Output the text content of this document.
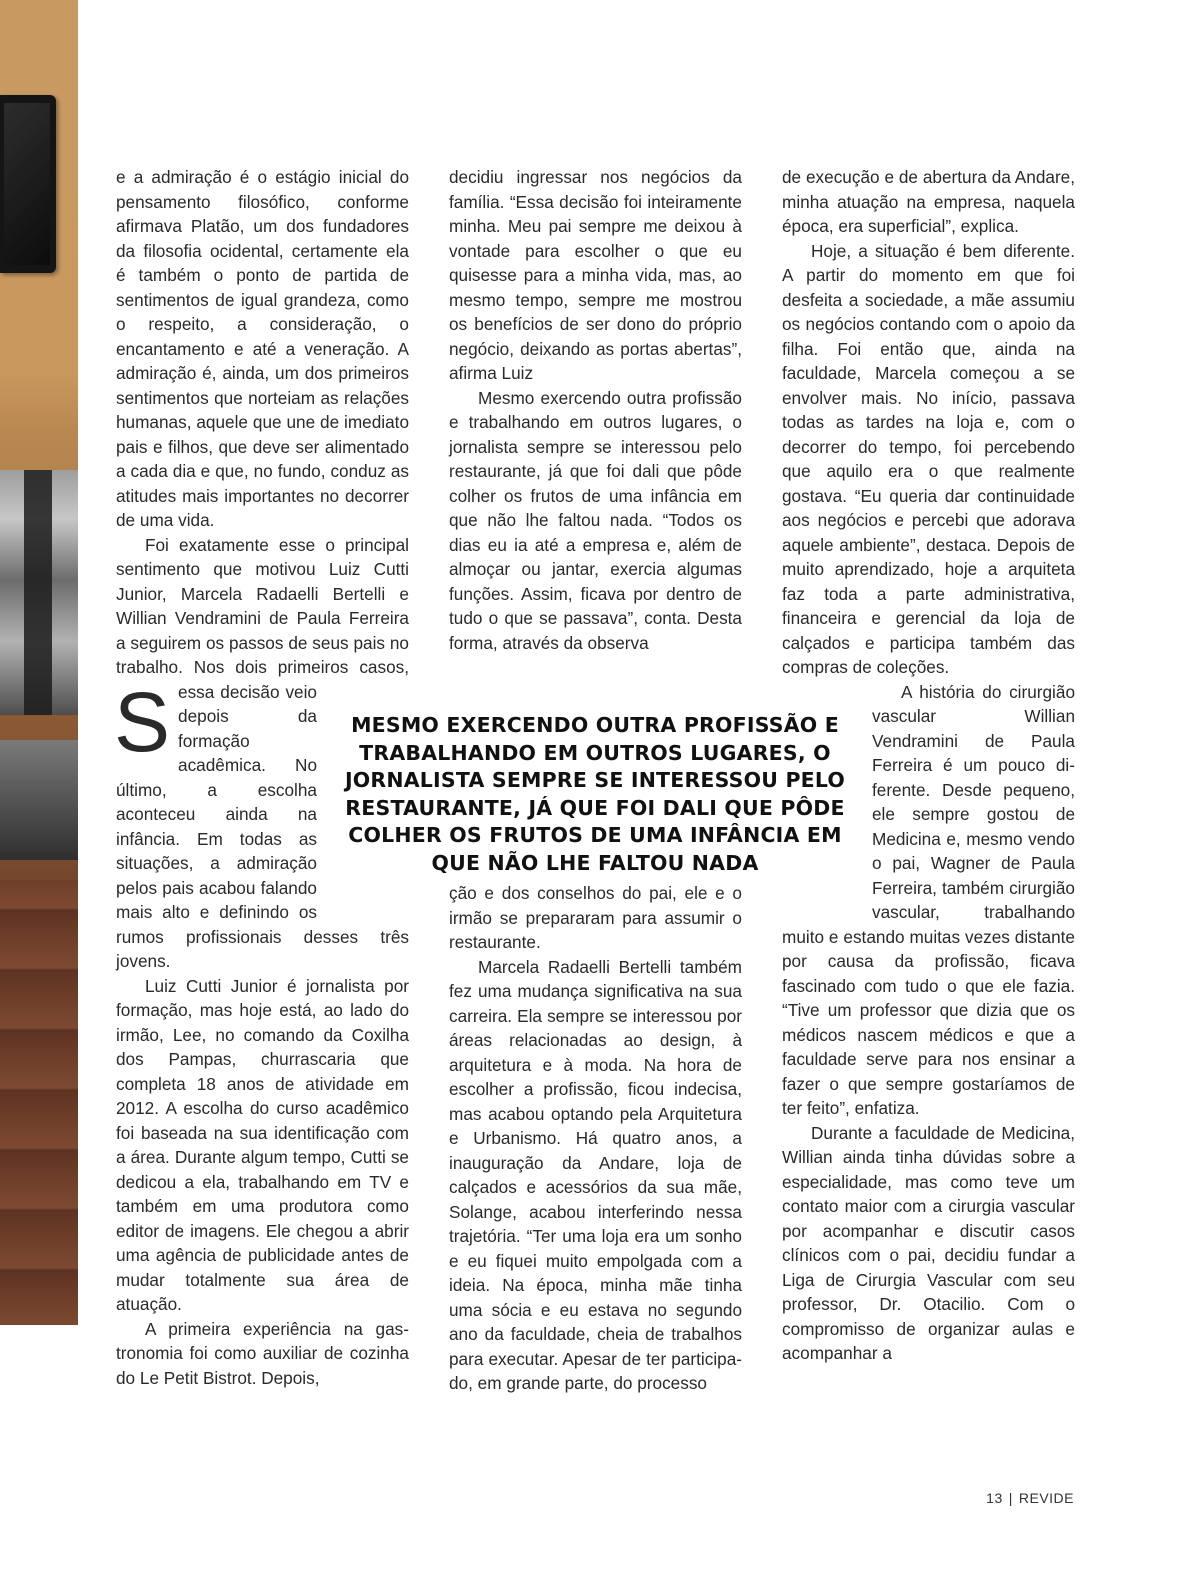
S
e a admiração é o estágio inicial do pensamento filosófico, conforme afirmava Platão, um dos fundadores da filosofia ocidental, certamente ela é também o ponto de partida de sentimentos de igual grandeza, como o respeito, a consideração, o encantamento e até a veneração. A admiração é, ainda, um dos primeiros sentimentos que norteiam as relações humanas, aquele que une de imediato pais e filhos, que deve ser alimentado a cada dia e que, no fundo, conduz as atitudes mais importantes no decorrer de uma vida.

Foi exatamente esse o principal sentimento que motivou Luiz Cutti Junior, Marcela Radaelli Bertelli e Willian Vendramini de Paula Ferreira a seguirem os passos de seus pais no trabalho. Nos dois primeiros casos, essa decisão veio depois da formação acadêmica. No último, a escolha aconteceu ainda na infância. Em todas as situações, a admiração pelos pais acabou falando mais alto e definindo os rumos profissionais desses três jovens.

Luiz Cutti Junior é jornalista por formação, mas hoje está, ao lado do irmão, Lee, no comando da Coxilha dos Pampas, churrascaria que completa 18 anos de atividade em 2012. A escolha do curso acadêmico foi baseada na sua identificação com a área. Durante algum tempo, Cutti se dedicou a ela, trabalhando em TV e também em uma produtora como editor de imagens. Ele chegou a abrir uma agência de publicidade antes de mudar totalmente sua área de atuação.

A primeira experiência na gastronomia foi como auxiliar de cozinha do Le Petit Bistrot. Depois,

decidiu ingressar nos negócios da família. “Essa decisão foi inteiramente minha. Meu pai sempre me deixou à vontade para escolher o que eu quisesse para a minha vida, mas, ao mesmo tempo, sempre me mostrou os benefícios de ser dono do próprio negócio, deixando as portas abertas”, afirma Luiz

Mesmo exercendo outra profissão e trabalhando em outros lugares, o jornalista sempre se interessou pelo restaurante, já que foi dali que pôde colher os frutos de uma infância em que não lhe faltou nada. “Todos os dias eu ia até a empresa e, além de almoçar ou jantar, exercia algumas funções. Assim, ficava por dentro de tudo o que se passava”, conta. Desta forma, através da observa

ção e dos conselhos do pai, ele e o irmão se prepararam para assumir o restaurante.

Marcela Radaelli Bertelli também fez uma mudança significativa na sua carreira. Ela sempre se interessou por áreas relacionadas ao design, à arquitetura e à moda. Na hora de escolher a profissão, ficou indecisa, mas acabou optando pela Arquitetura e Urbanismo. Há quatro anos, a inauguração da Andare, loja de calçados e acessórios da sua mãe, Solange, acabou interferindo nessa trajetória. “Ter uma loja era um sonho e eu fiquei muito empolgada com a ideia. Na época, minha mãe tinha uma sócia e eu estava no segundo ano da faculdade, cheia de trabalhos para executar. Apesar de ter participado, em grande parte, do processo

de execução e de abertura da Andare, minha atuação na empresa, naquela época, era superficial”, explica.

Hoje, a situação é bem diferente. A partir do momento em que foi desfeita a sociedade, a mãe assumiu os negócios contando com o apoio da filha. Foi então que, ainda na faculdade, Marcela começou a se envolver mais. No início, passava todas as tardes na loja e, com o decorrer do tempo, foi percebendo que aquilo era o que realmente gostava. “Eu queria dar continuidade aos negócios e percebi que adorava aquele ambiente”, destaca. Depois de muito aprendizado, hoje a arquiteta faz toda a parte administrativa, financeira e gerencial da loja de calçados e participa também das compras de coleções.

A história do cirurgião vascular Willian Vendramini de Paula Ferreira é um pouco diferente. Desde pequeno, ele sempre gostou de Medicina e, mesmo vendo o pai, Wagner de Paula Ferreira, também cirurgião vascular, trabalhando muito e estando muitas vezes distante por causa da profissão, ficava fascinado com tudo o que ele fazia. “Tive um professor que dizia que os médicos nascem médicos e que a faculdade serve para nos ensinar a fazer o que sempre gostaríamos de ter feito”, enfatiza.

Durante a faculdade de Medicina, Willian ainda tinha dúvidas sobre a especialidade, mas como teve um contato maior com a cirurgia vascular por acompanhar e discutir casos clínicos com o pai, decidiu fundar a Liga de Cirurgia Vascular com seu professor, Dr. Otacilio. Com o compromisso de organizar aulas e acompanhar a

MESMO EXERCENDO OUTRA PROFISSÃO E TRABALHANDO EM OUTROS LUGARES, O JORNALISTA SEMPRE SE INTERESSOU PELO RESTAURANTE, JÁ QUE FOI DALI QUE PÔDE COLHER OS FRUTOS DE UMA INFÂNCIA EM QUE NÃO LHE FALTOU NADA
13 | REVIDE
